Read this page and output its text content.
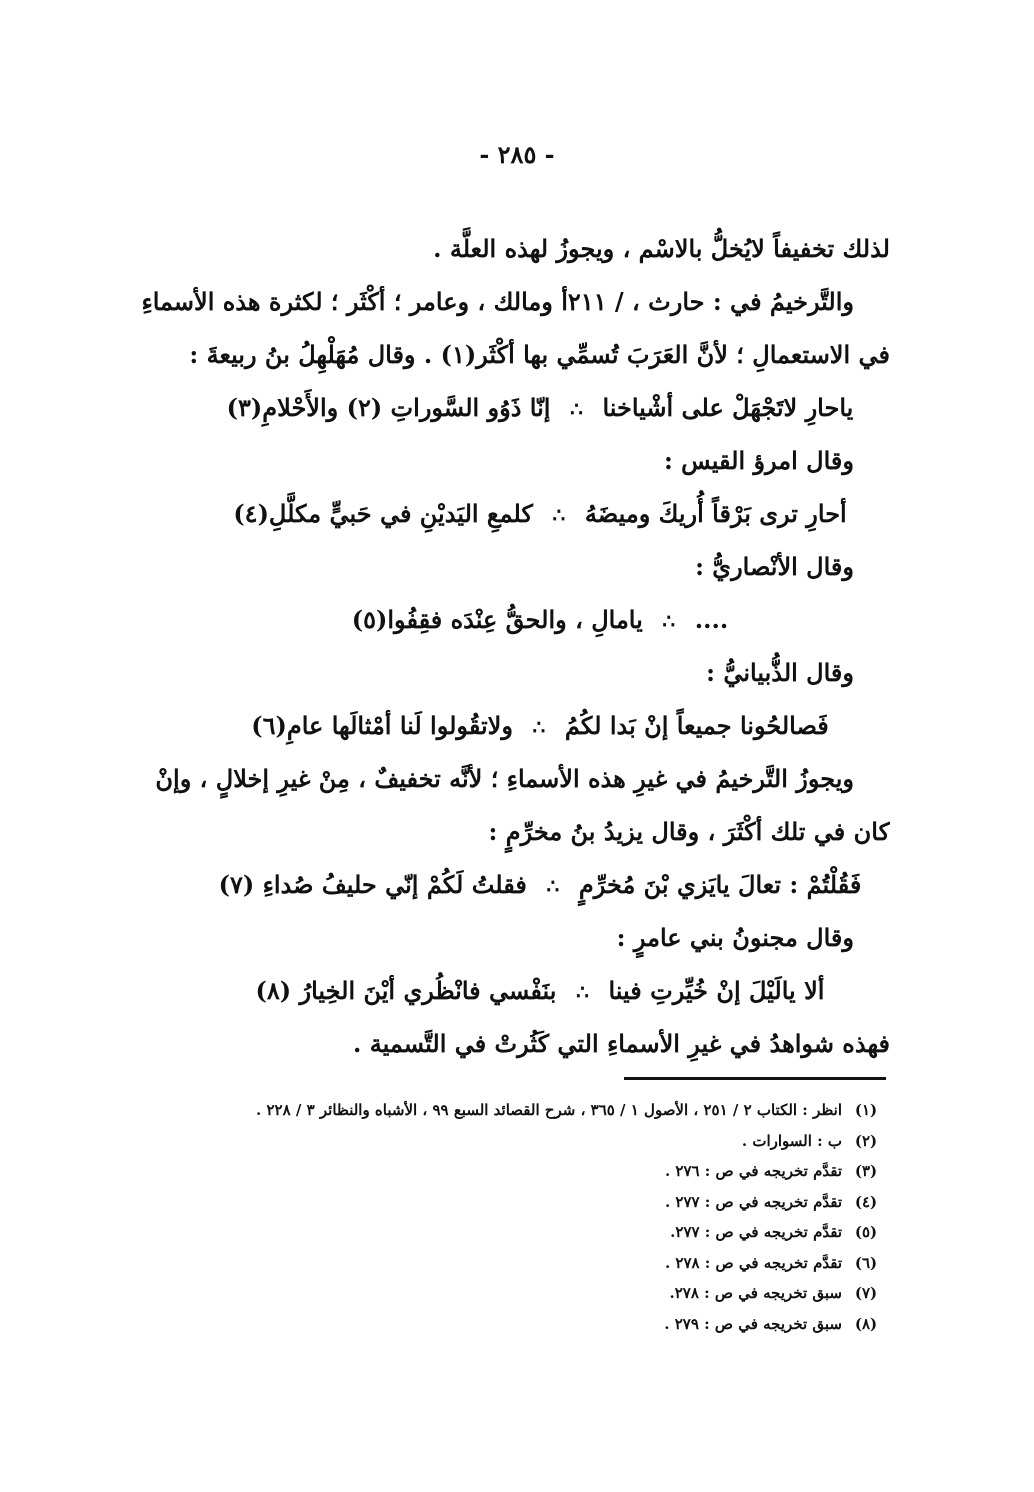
- ٢٨٥ -
لذلك تخفيفاً لايُخلُّ بالاسْم ، ويجوزُ لهذه العلَّة .
والتَّرخيمُ في : حارث ، / ٢١١أ ومالك ، وعامر ؛ أكْثَر ؛ لكثرة هذه الأسماءِ
في الاستعمالِ ؛ لأنَّ العَرَبَ تُسمِّي بها أكْثَر(١) . وقال مُهَلْهِلُ بنُ ربيعةَ :
ياحارِ لاتَجْهَلْ على أشْياخنا
∴
إنّا ذَوُو السَّوراتِ (٢) والأَحْلامِ(٣)
وقال امرؤ القيس :
أحارِ ترى بَرْقاً أُريكَ وميضَهُ
∴
كلمعِ اليَديْنِ في حَبيٍّ مكلَّلِ(٤)
وقال الأنْصاريُّ :
....
∴
يامالِ ، والحقُّ عِنْدَه فقِفُوا(٥)
وقال الذُّبيانيُّ :
فَصالحُونا جميعاً إنْ بَدا لكُمُ
∴
ولاتقُولوا لَنا أمْثالَها عامِ(٦)
ويجوزُ التَّرخيمُ في غيرِ هذه الأسماءِ ؛ لأنَّه تخفيفٌ ، مِنْ غيرِ إخلالٍ ، وإنْ
كان في تلك أكْثَرَ ، وقال يزيدُ بنُ مخرِّمٍ :
فَقُلْتُمْ : تعالَ يايَزي بْنَ مُخرِّمٍ
∴
فقلتُ لَكُمْ إنّي حليفُ صُداءِ (٧)
وقال مجنونُ بني عامرٍ :
ألا يالَيْلَ إنْ خُيِّرتِ فينا
∴
بنَفْسي فانْظُري أيْنَ الخِيارُ (٨)
فهذه شواهدُ في غيرِ الأسماءِ التي كَثُرتْ في التَّسمية .
(١)
انظر : الكتاب ٢ / ٢٥١ ، الأصول ١ / ٣٦٥ ، شرح القصائد السبع ٩٩ ، الأشباه والنظائر ٣ / ٢٢٨ .
(٢)
ب : السوارات .
(٣)
تقدَّم تخريجه في ص : ٢٧٦ .
(٤)
تقدَّم تخريجه في ص : ٢٧٧ .
(٥)
تقدَّم تخريجه في ص : ٢٧٧.
(٦)
تقدَّم تخريجه في ص : ٢٧٨ .
(٧)
سبق تخريجه في ص : ٢٧٨.
(٨)
سبق تخريجه في ص : ٢٧٩ .
